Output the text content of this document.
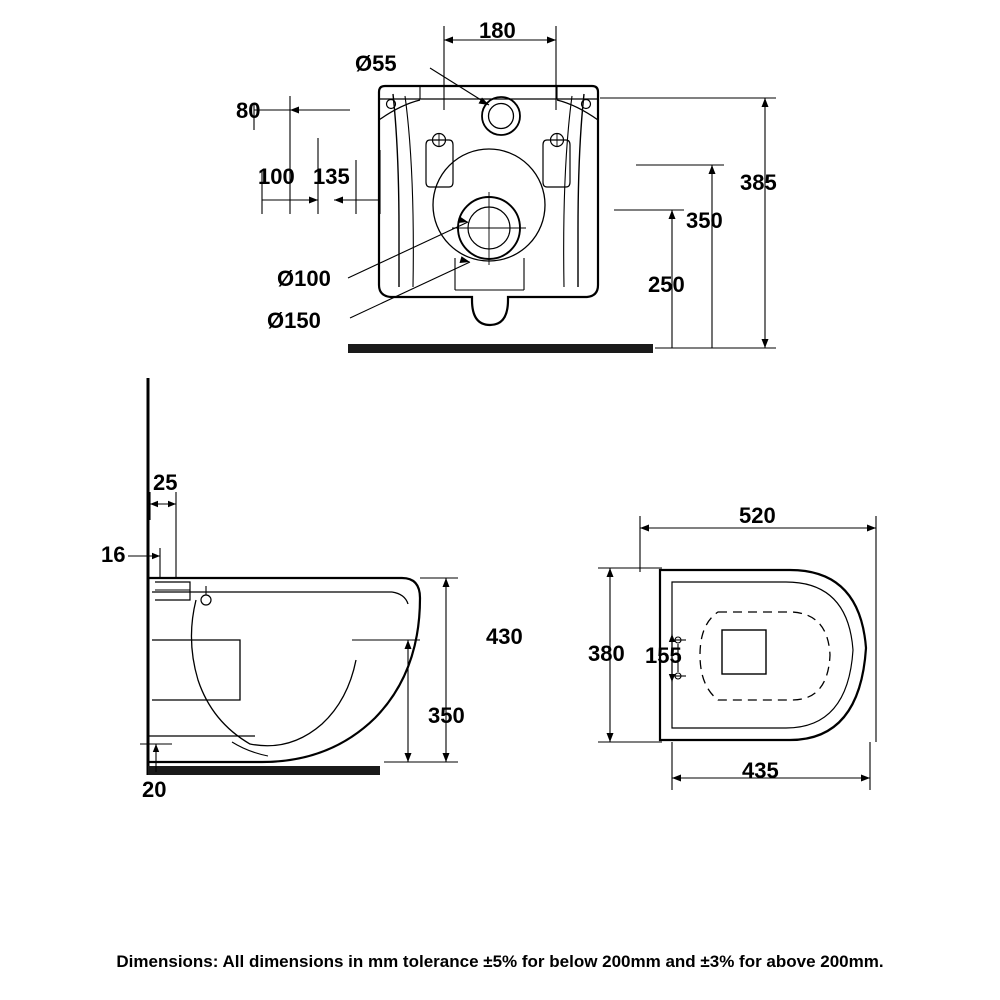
180
Ø55
80
100 135
Ø100
Ø150
385
350
250
25
16
430
350
20
520
380 155
435
Dimensions: All dimensions in mm tolerance ±5% for below 200mm and ±3% for above 200mm.
